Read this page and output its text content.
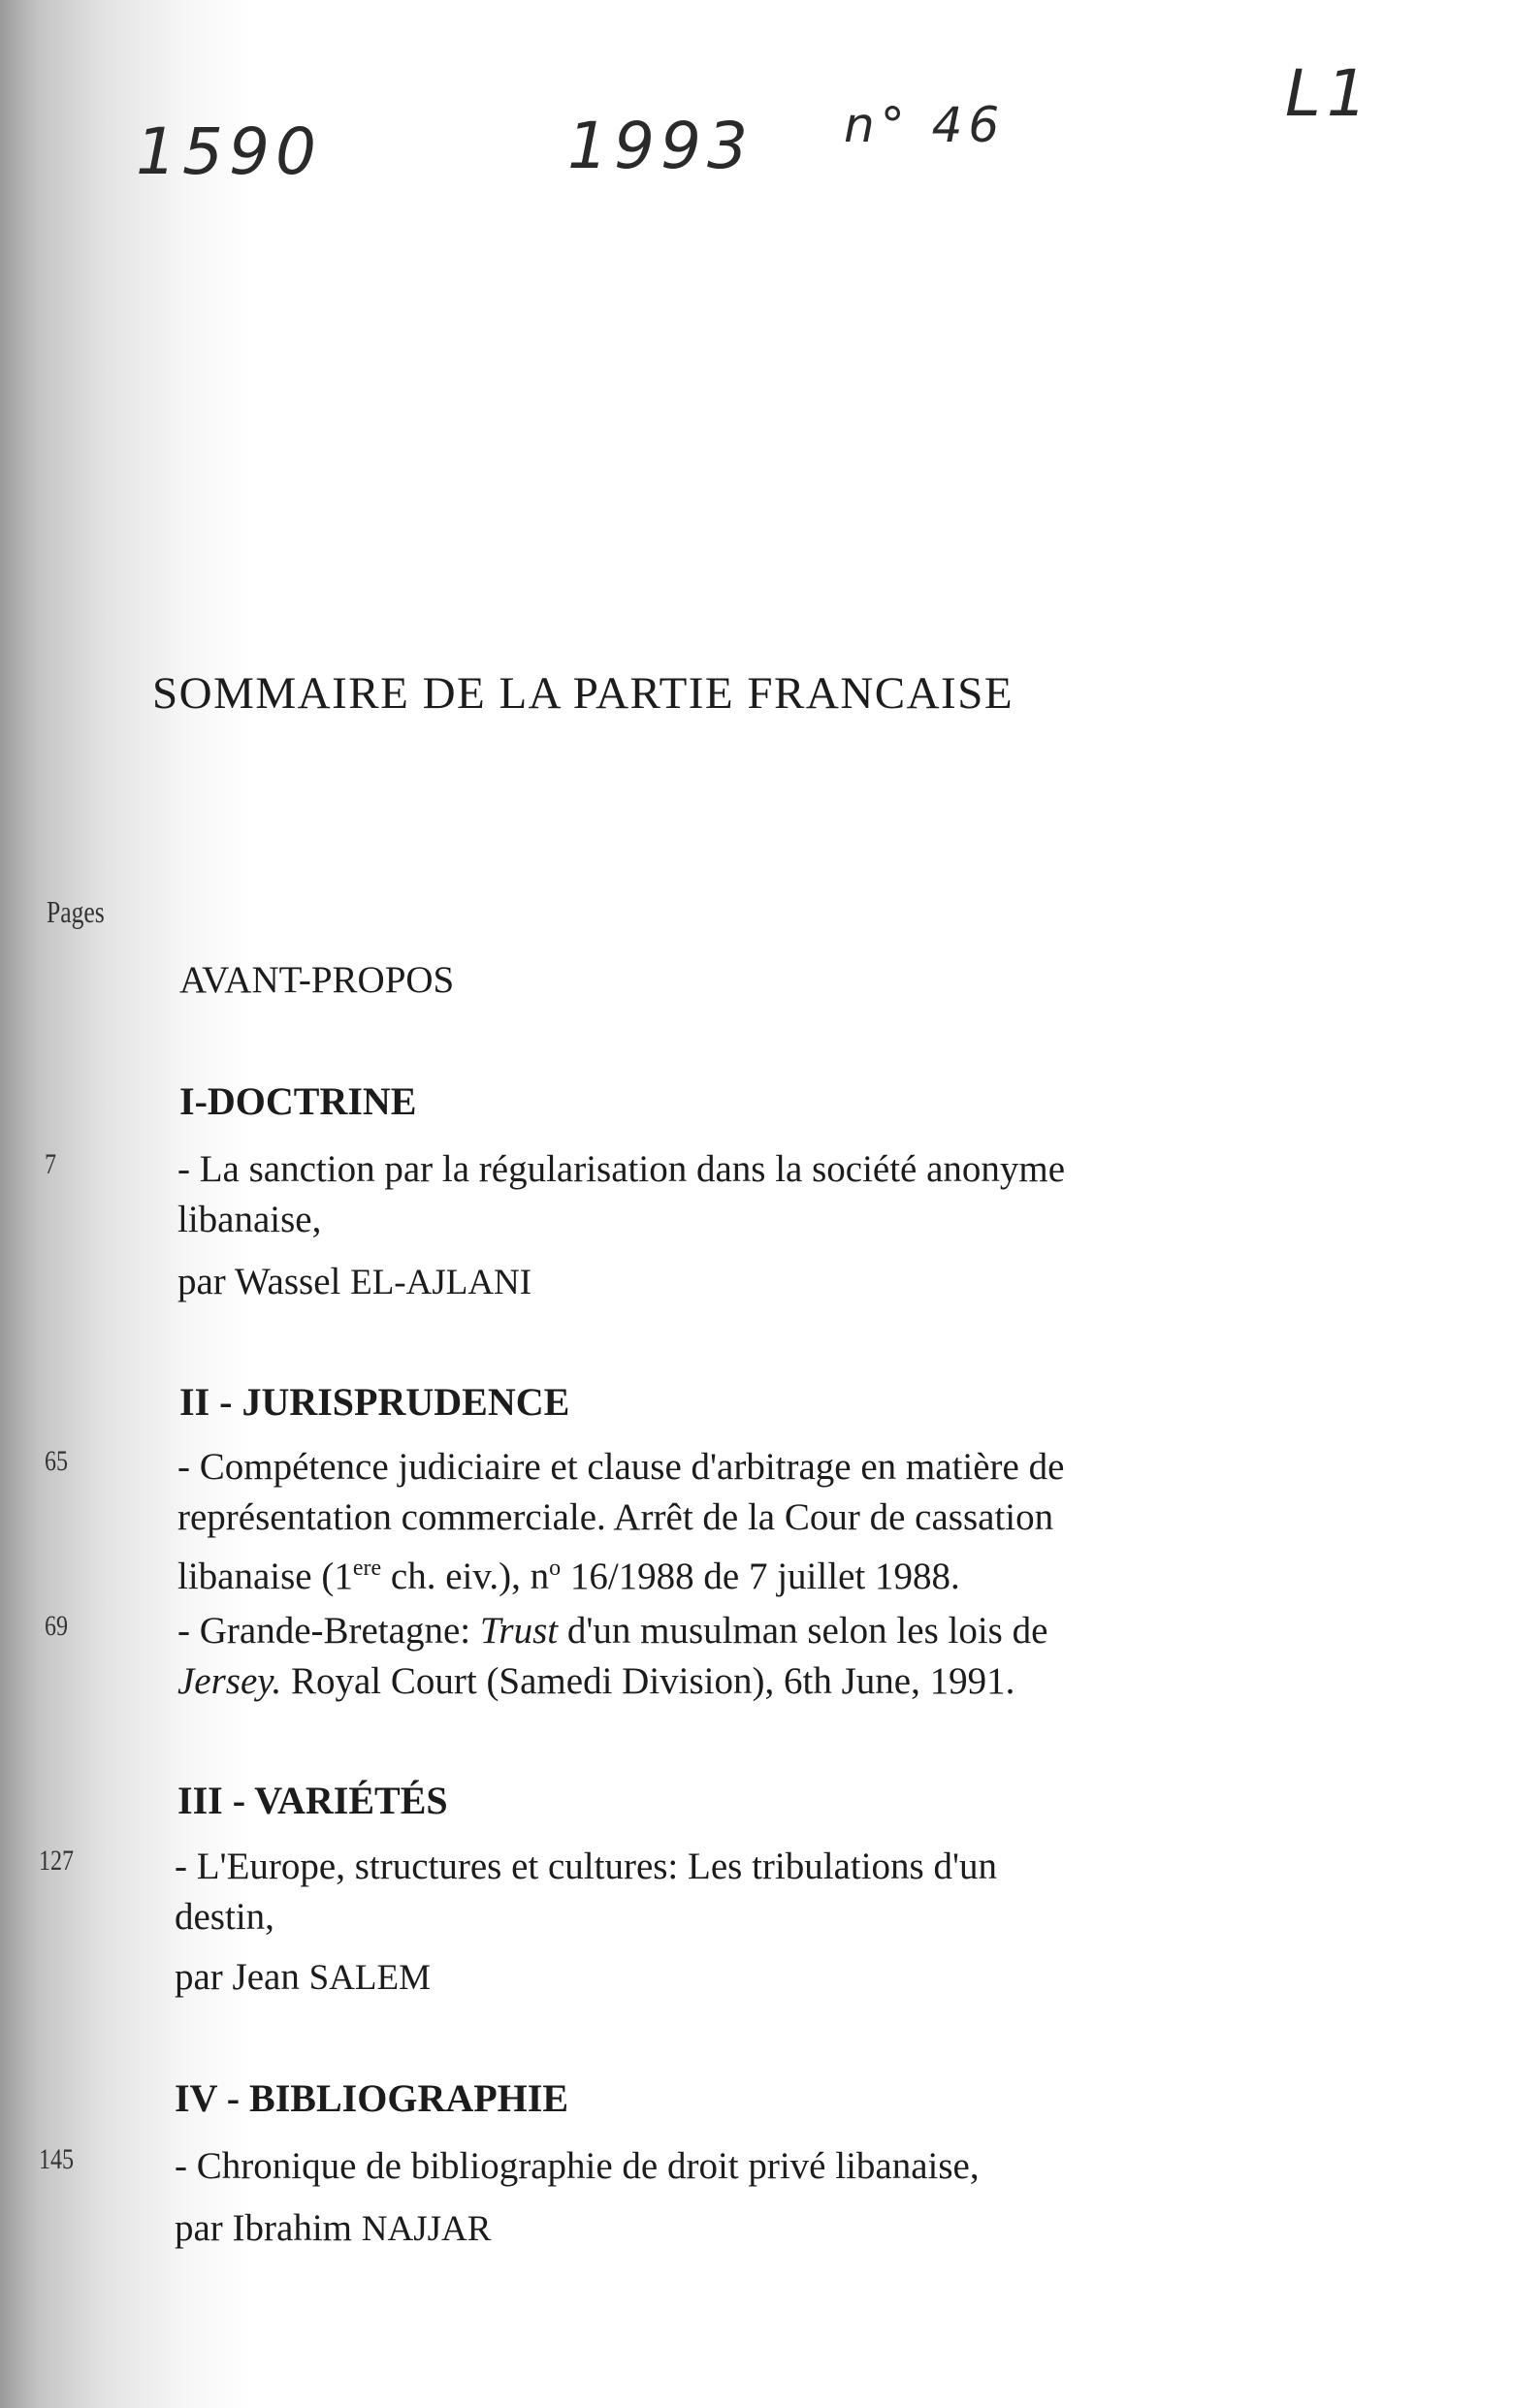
1590	1993 n° 46	L1
SOMMAIRE DE LA PARTIE FRANCAISE
Pages
AVANT-PROPOS
I-DOCTRINE
7	- La sanction par la régularisation dans la société anonyme
libanaise,
par Wassel EL-AJLANI
II - JURISPRUDENCE
65	- Compétence judiciaire et clause d'arbitrage en matière de
représentation commerciale. Arrêt de la Cour de cassation
libanaise (1ere ch. eiv.), $n^o$ 16/1988 de 7 juillet 1988.
69	- Grande-Bretagne: Trust d'un musulman selon les lois de
Jersey. Royal Court (Samedi Division), 6th June, 1991.
III - VARIÉTÉS
127	- L'Europe, structures et cultures: Les tribulations d'un
destin,
par Jean SALEM
IV - BIBLIOGRAPHIE
145	- Chronique de bibliographie de droit privé libanaise,
par Ibrahim NAJJAR
